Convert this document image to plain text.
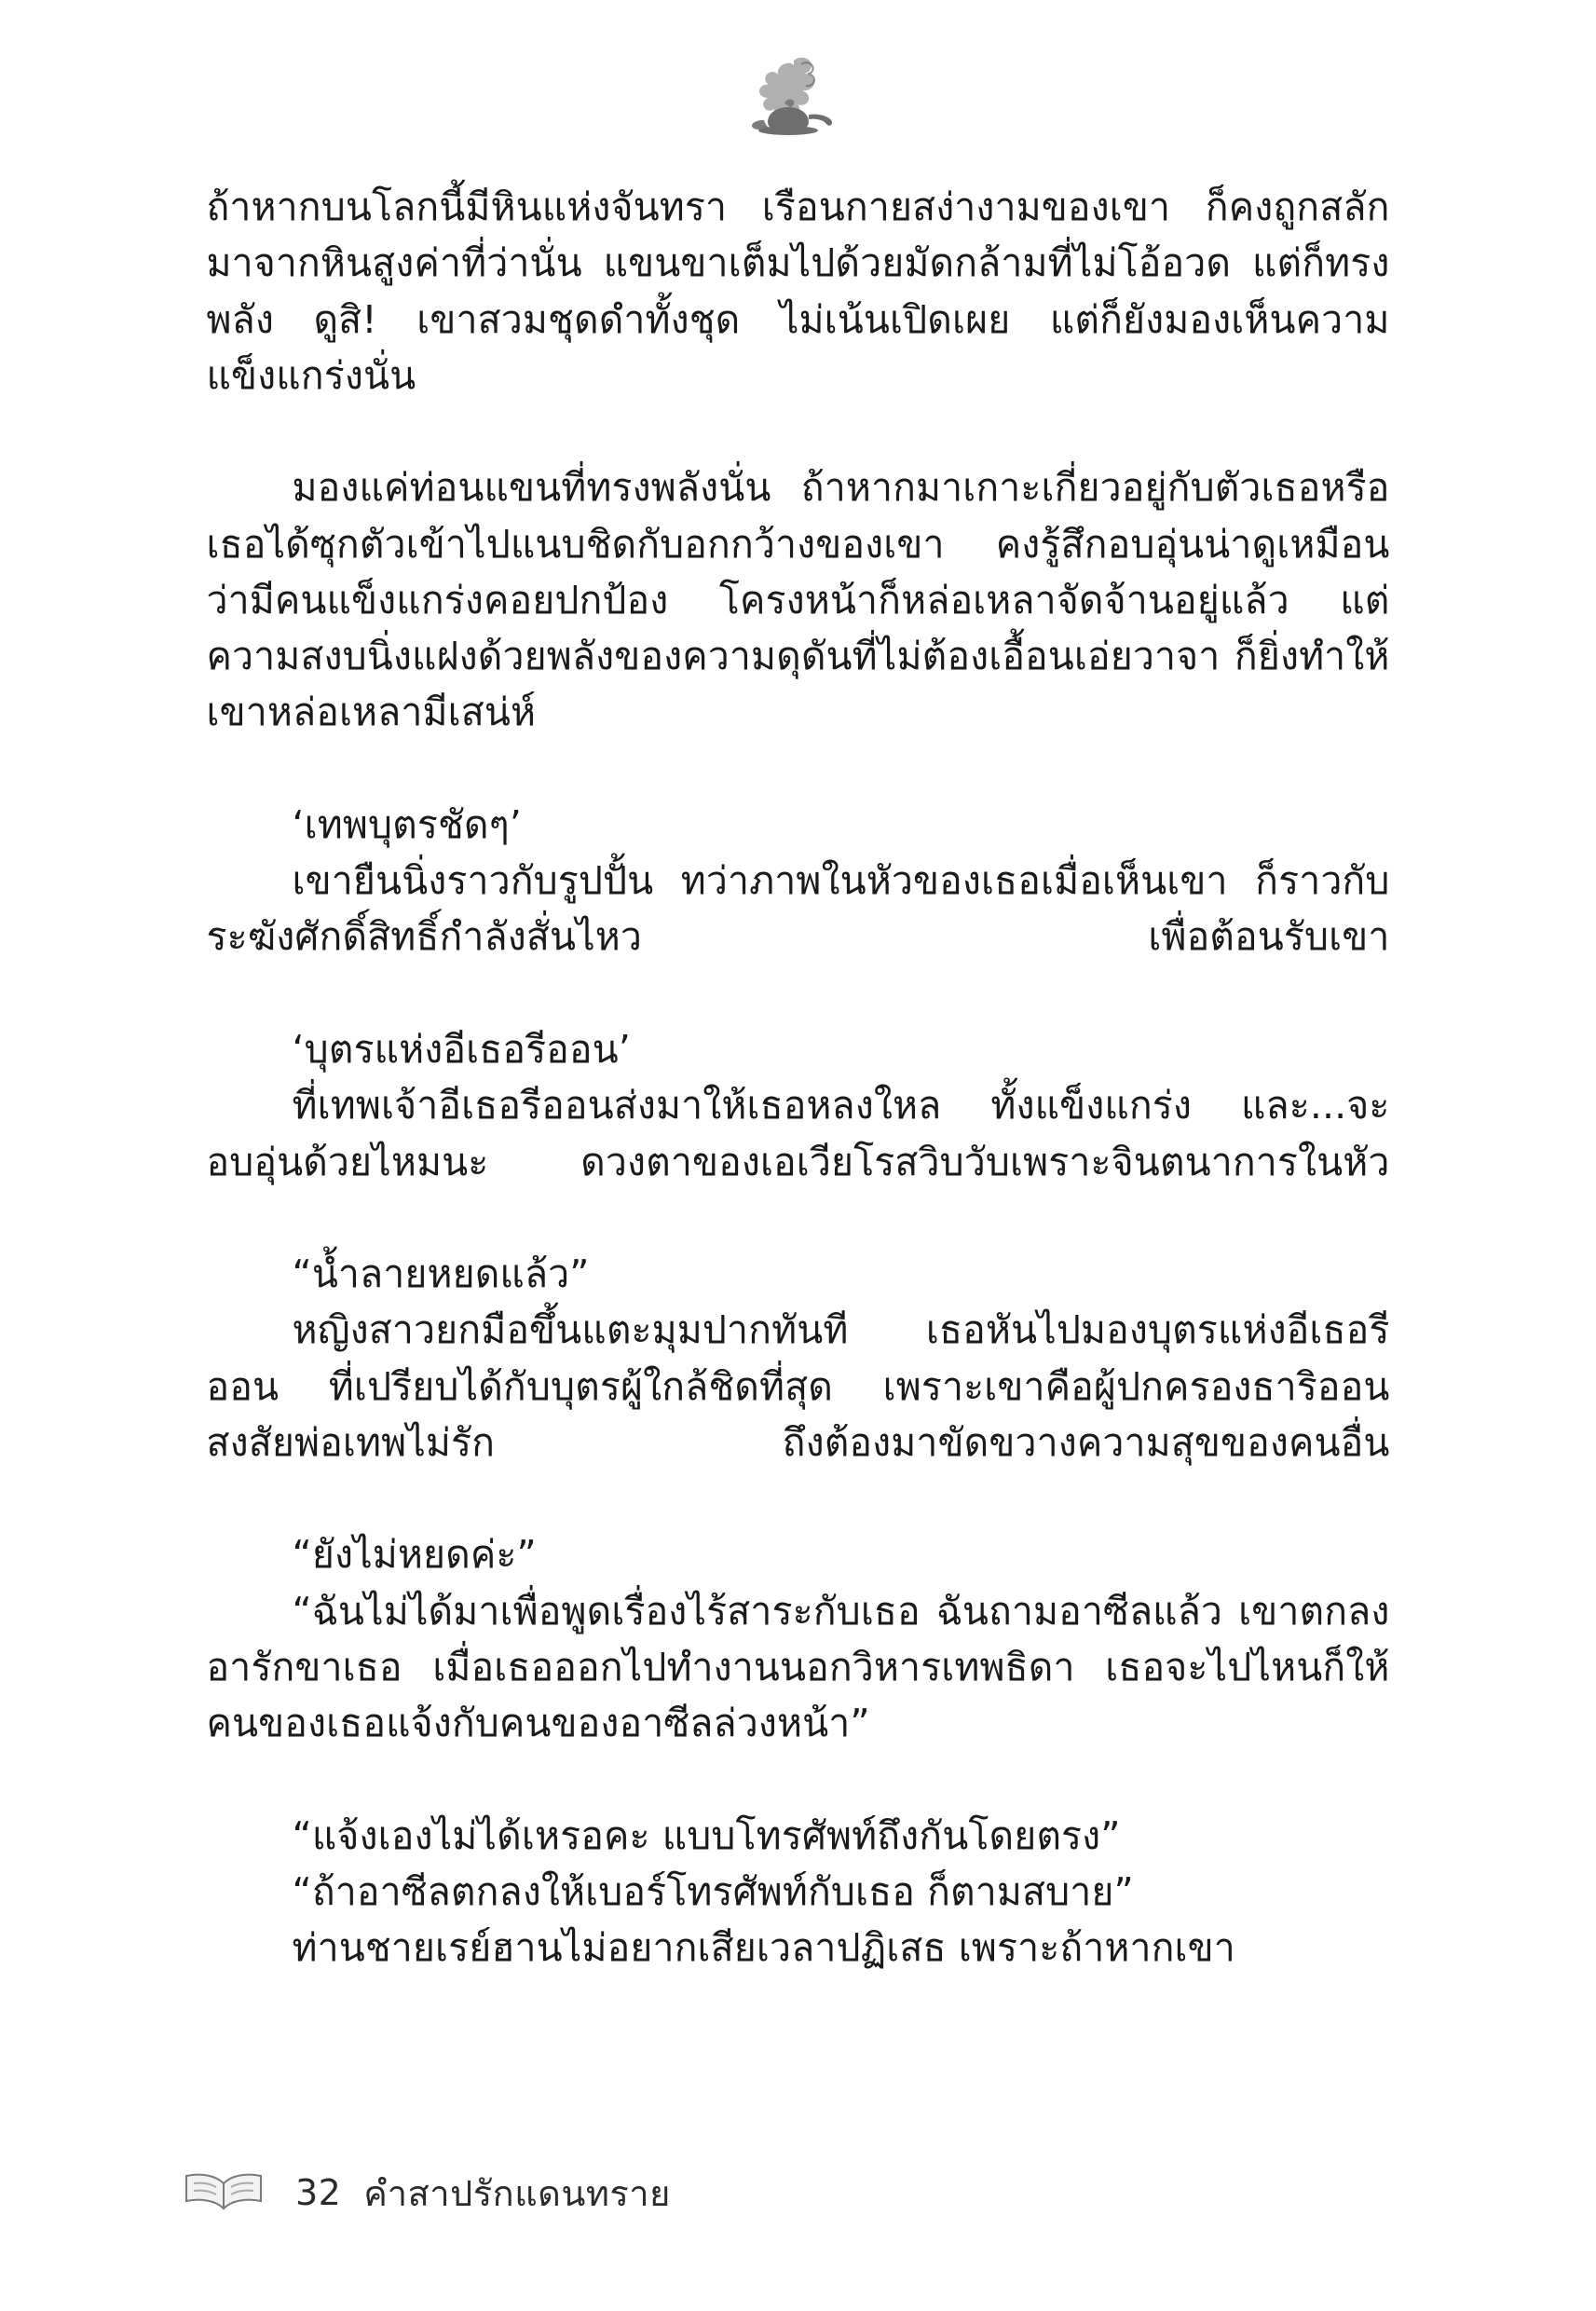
ถ้าหากบนโลกนี้มีหินแห่งจันทรา เรือนกายสง่างามของเขา ก็คงถูกสลักมาจากหินสูงค่าที่ว่านั่น แขนขาเต็มไปด้วยมัดกล้ามที่ไม่โอ้อวด แต่ก็ทรงพลัง ดูสิ! เขาสวมชุดดำทั้งชุด ไม่เน้นเปิดเผย แต่ก็ยังมองเห็นความแข็งแกร่งนั่น

มองแค่ท่อนแขนที่ทรงพลังนั่น ถ้าหากมาเกาะเกี่ยวอยู่กับตัวเธอหรือเธอได้ซุกตัวเข้าไปแนบชิดกับอกกว้างของเขา คงรู้สึกอบอุ่นน่าดูเหมือนว่ามีคนแข็งแกร่งคอยปกป้อง โครงหน้าก็หล่อเหลาจัดจ้านอยู่แล้ว แต่ความสงบนิ่งแฝงด้วยพลังของความดุดันที่ไม่ต้องเอื้อนเอ่ยวาจา ก็ยิ่งทำให้เขาหล่อเหลามีเสน่ห์

‘เทพบุตรชัดๆ’

เขายืนนิ่งราวกับรูปปั้น ทว่าภาพในหัวของเธอเมื่อเห็นเขา ก็ราวกับระฆังศักดิ์สิทธิ์กำลังสั่นไหว เพื่อต้อนรับเขา

‘บุตรแห่งอีเธอรีออน’

ที่เทพเจ้าอีเธอรีออนส่งมาให้เธอหลงใหล ทั้งแข็งแกร่ง และ...จะอบอุ่นด้วยไหมนะ ดวงตาของเอเวียโรสวิบวับเพราะจินตนาการในหัว

“น้ำลายหยดแล้ว”

หญิงสาวยกมือขึ้นแตะมุมปากทันที เธอหันไปมองบุตรแห่งอีเธอรีออน ที่เปรียบได้กับบุตรผู้ใกล้ชิดที่สุด เพราะเขาคือผู้ปกครองธาริออน สงสัยพ่อเทพไม่รัก ถึงต้องมาขัดขวางความสุขของคนอื่น

“ยังไม่หยดค่ะ”

“ฉันไม่ได้มาเพื่อพูดเรื่องไร้สาระกับเธอ ฉันถามอาซีลแล้ว เขาตกลงอารักขาเธอ เมื่อเธอออกไปทำงานนอกวิหารเทพธิดา เธอจะไปไหนก็ให้คนของเธอแจ้งกับคนของอาซีลล่วงหน้า”

“แจ้งเองไม่ได้เหรอคะ แบบโทรศัพท์ถึงกันโดยตรง”

“ถ้าอาซีลตกลงให้เบอร์โทรศัพท์กับเธอ ก็ตามสบาย”

ท่านชายเรย์ฮานไม่อยากเสียเวลาปฏิเสธ เพราะถ้าหากเขา

32 คำสาปรักแดนทราย
